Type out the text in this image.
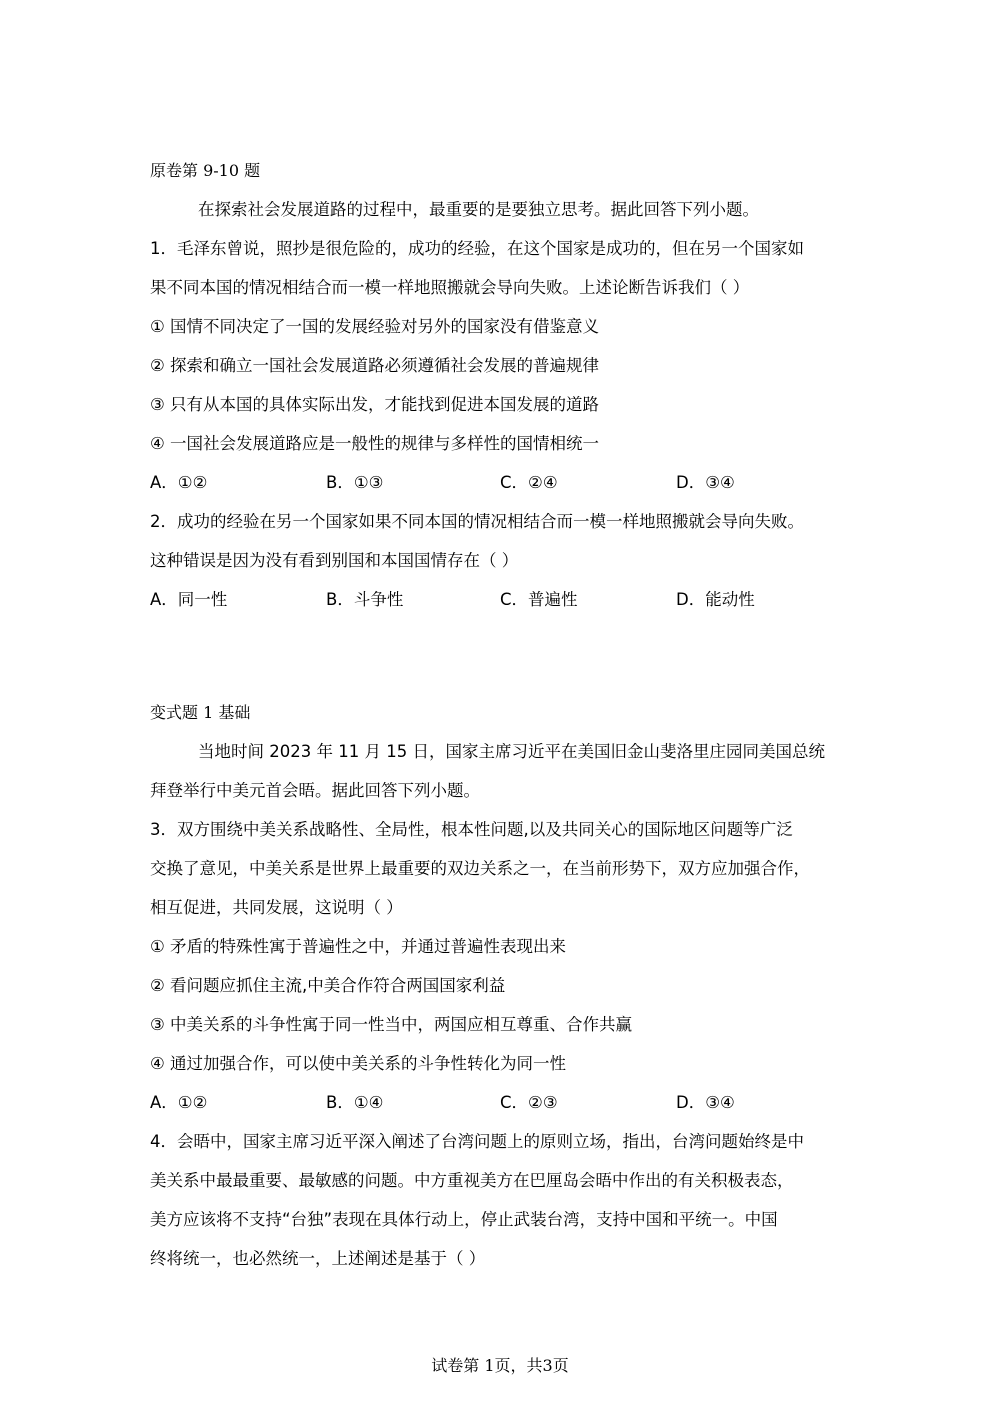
原卷第 9-10 题
在探索社会发展道路的过程中，最重要的是要独立思考。据此回答下列小题。
1．毛泽东曾说，照抄是很危险的，成功的经验，在这个国家是成功的，但在另一个国家如
果不同本国的情况相结合而一模一样地照搬就会导向失败。上述论断告诉我们（ ）
① 国情不同决定了一国的发展经验对另外的国家没有借鉴意义
② 探索和确立一国社会发展道路必须遵循社会发展的普遍规律
③ 只有从本国的具体实际出发，才能找到促进本国发展的道路
④ 一国社会发展道路应是一般性的规律与多样性的国情相统一
A．①②	B．①③	C．②④	D．③④
2．成功的经验在另一个国家如果不同本国的情况相结合而一模一样地照搬就会导向失败。
这种错误是因为没有看到别国和本国国情存在（ ）
A．同一性	B．斗争性	C．普遍性	D．能动性
变式题 1 基础
当地时间 2023 年 11 月 15 日，国家主席习近平在美国旧金山斐洛里庄园同美国总统
拜登举行中美元首会晤。据此回答下列小题。
3．双方围绕中美关系战略性、全局性，根本性问题,以及共同关心的国际地区问题等广泛
交换了意见，中美关系是世界上最重要的双边关系之一，在当前形势下，双方应加强合作，
相互促进，共同发展，这说明（ ）
① 矛盾的特殊性寓于普遍性之中，并通过普遍性表现出来
② 看问题应抓住主流,中美合作符合两国国家利益
③ 中美关系的斗争性寓于同一性当中，两国应相互尊重、合作共赢
④ 通过加强合作，可以使中美关系的斗争性转化为同一性
A．①②	B．①④	C．②③	D．③④
4．会晤中，国家主席习近平深入阐述了台湾问题上的原则立场，指出，台湾问题始终是中
美关系中最最重要、最敏感的问题。中方重视美方在巴厘岛会晤中作出的有关积极表态，
美方应该将不支持“台独”表现在具体行动上，停止武装台湾，支持中国和平统一。中国
终将统一，也必然统一，上述阐述是基于（ ）
试卷第 1页，共3页
